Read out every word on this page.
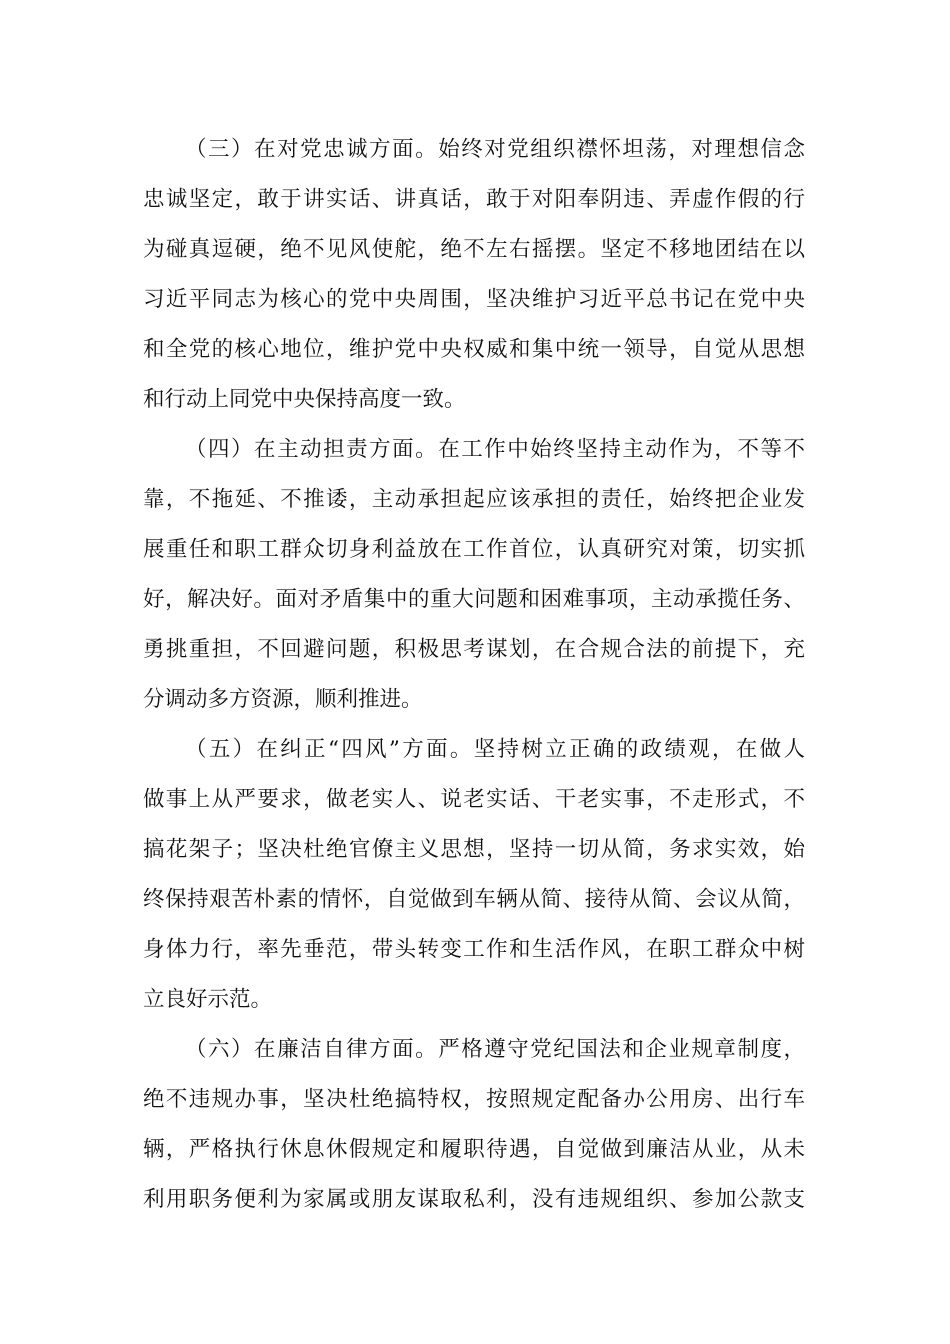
（三）在对党忠诚方面。始终对党组织襟怀坦荡，对理想信念
忠诚坚定，敢于讲实话、讲真话，敢于对阳奉阴违、弄虚作假的行
为碰真逗硬，绝不见风使舵，绝不左右摇摆。坚定不移地团结在以
习近平同志为核心的党中央周围，坚决维护习近平总书记在党中央
和全党的核心地位，维护党中央权威和集中统一领导，自觉从思想
和行动上同党中央保持高度一致。
（四）在主动担责方面。在工作中始终坚持主动作为，不等不
靠，不拖延、不推诿，主动承担起应该承担的责任，始终把企业发
展重任和职工群众切身利益放在工作首位，认真研究对策，切实抓
好，解决好。面对矛盾集中的重大问题和困难事项，主动承揽任务、
勇挑重担，不回避问题，积极思考谋划，在合规合法的前提下，充
分调动多方资源，顺利推进。
（五）在纠正“四风”方面。坚持树立正确的政绩观，在做人
做事上从严要求，做老实人、说老实话、干老实事，不走形式，不
搞花架子；坚决杜绝官僚主义思想，坚持一切从简，务求实效，始
终保持艰苦朴素的情怀，自觉做到车辆从简、接待从简、会议从简，
身体力行，率先垂范，带头转变工作和生活作风，在职工群众中树
立良好示范。
（六）在廉洁自律方面。严格遵守党纪国法和企业规章制度，
绝不违规办事，坚决杜绝搞特权，按照规定配备办公用房、出行车
辆，严格执行休息休假规定和履职待遇，自觉做到廉洁从业，从未
利用职务便利为家属或朋友谋取私利，没有违规组织、参加公款支
